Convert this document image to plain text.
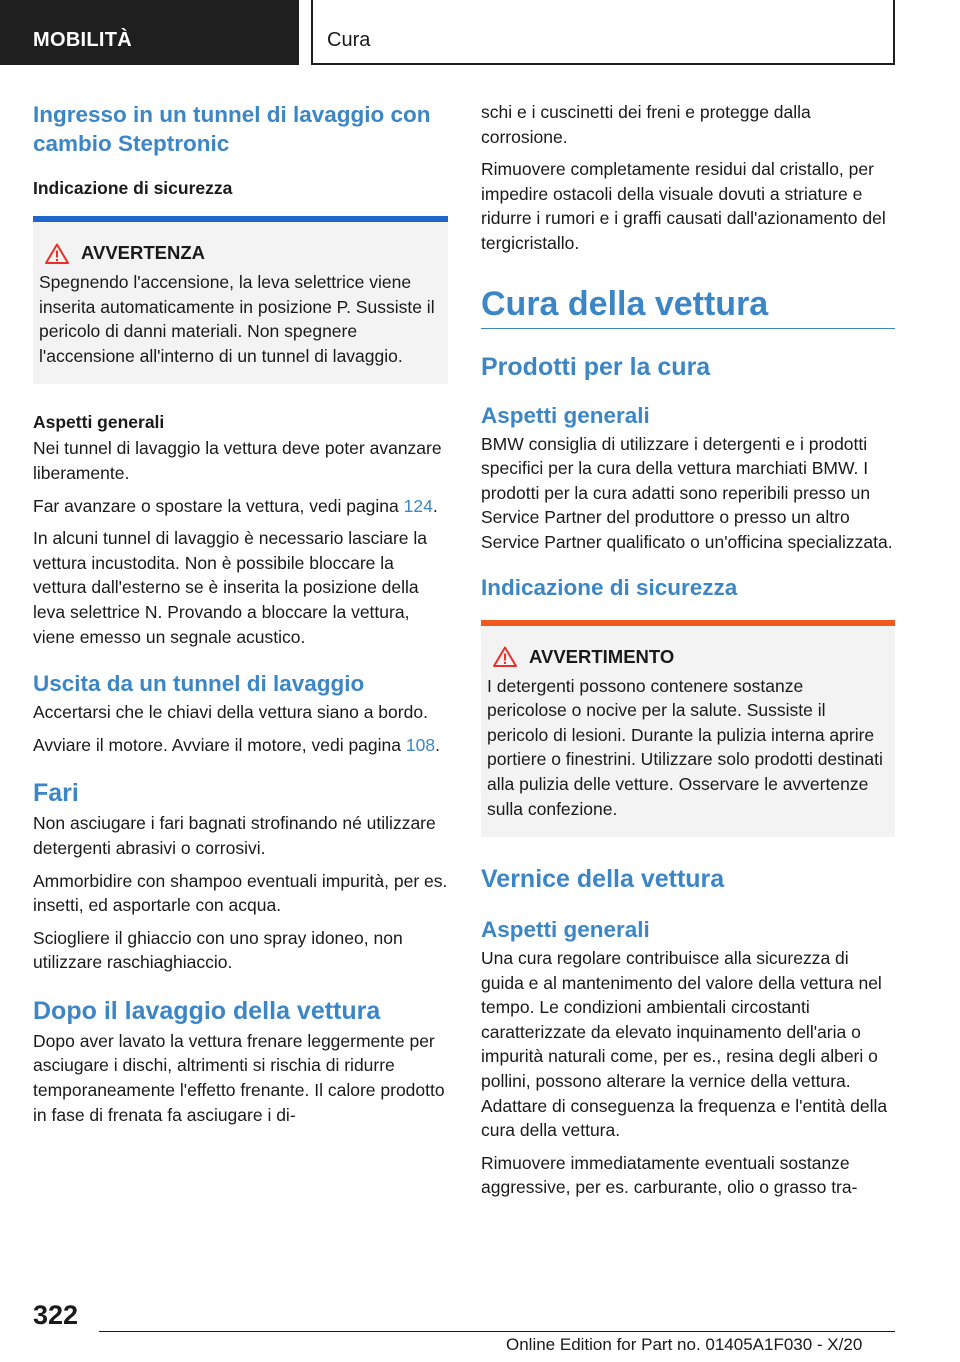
MOBILITÀ	Cura
Ingresso in un tunnel di lavaggio con cambio Steptronic
Indicazione di sicurezza
AVVERTENZA

Spegnendo l'accensione, la leva selettrice viene inserita automaticamente in posizione P. Sussiste il pericolo di danni materiali. Non spegnere l'accensione all'interno di un tunnel di lavaggio.

Aspetti generali

Nei tunnel di lavaggio la vettura deve poter avanzare liberamente.

Far avanzare o spostare la vettura, vedi pagina 124.

In alcuni tunnel di lavaggio è necessario lasciare la vettura incustodita. Non è possibile bloccare la vettura dall'esterno se è inserita la posizione della leva selettrice N. Provando a bloccare la vettura, viene emesso un segnale acustico.

Uscita da un tunnel di lavaggio

Accertarsi che le chiavi della vettura siano a bordo.

Avviare il motore. Avviare il motore, vedi pagina 108.

Fari

Non asciugare i fari bagnati strofinando né utilizzare detergenti abrasivi o corrosivi.

Ammorbidire con shampoo eventuali impurità, per es. insetti, ed asportarle con acqua.

Sciogliere il ghiaccio con uno spray idoneo, non utilizzare raschiaghiaccio.

Dopo il lavaggio della vettura

Dopo aver lavato la vettura frenare leggermente per asciugare i dischi, altrimenti si rischia di ridurre temporaneamente l'effetto frenante. Il calore prodotto in fase di frenata fa asciugare i di-

schi e i cuscinetti dei freni e protegge dalla corrosione.

Rimuovere completamente residui dal cristallo, per impedire ostacoli della visuale dovuti a striature e ridurre i rumori e i graffi causati dall'azionamento del tergicristallo.

Cura della vettura
Prodotti per la cura
Aspetti generali

BMW consiglia di utilizzare i detergenti e i prodotti specifici per la cura della vettura marchiati BMW. I prodotti per la cura adatti sono reperibili presso un Service Partner del produttore o presso un altro Service Partner qualificato o un'officina specializzata.

Indicazione di sicurezza
AVVERTIMENTO

I detergenti possono contenere sostanze pericolose o nocive per la salute. Sussiste il pericolo di lesioni. Durante la pulizia interna aprire portiere o finestrini. Utilizzare solo prodotti destinati alla pulizia delle vetture. Osservare le avvertenze sulla confezione.

Vernice della vettura
Aspetti generali

Una cura regolare contribuisce alla sicurezza di guida e al mantenimento del valore della vettura nel tempo. Le condizioni ambientali circostanti caratterizzate da elevato inquinamento dell'aria o impurità naturali come, per es., resina degli alberi o pollini, possono alterare la vernice della vettura. Adattare di conseguenza la frequenza e l'entità della cura della vettura.

Rimuovere immediatamente eventuali sostanze aggressive, per es. carburante, olio o grasso tra-

322
Online Edition for Part no. 01405A1F030 - X/20
